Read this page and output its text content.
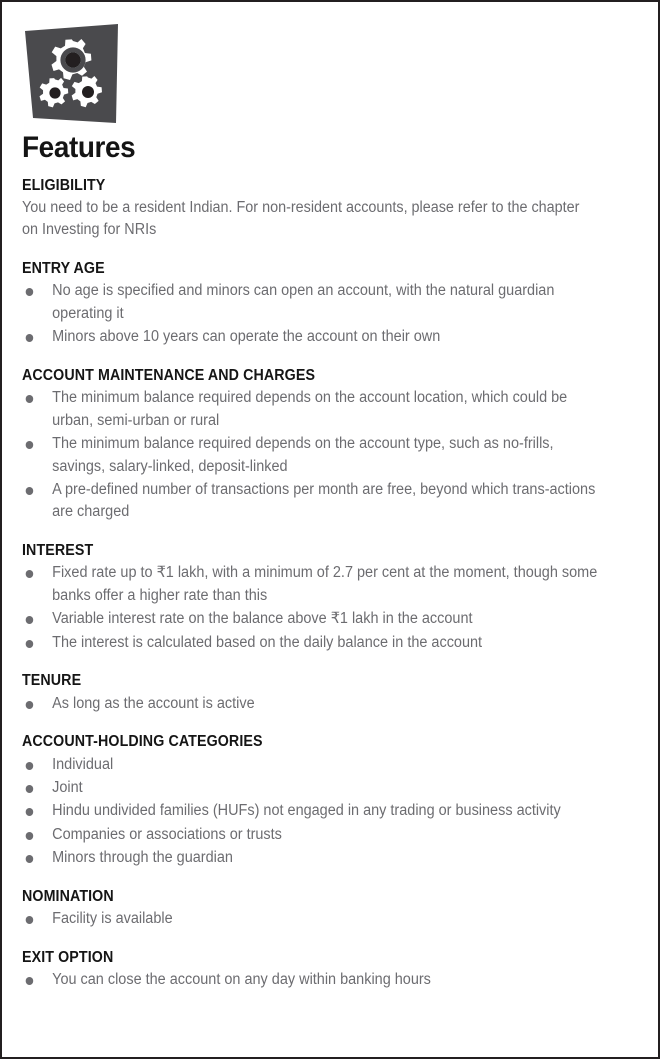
Features
ELIGIBILITY
You need to be a resident Indian. For non-resident accounts, please refer to the chapter on Investing for NRIs
ENTRY AGE
No age is specified and minors can open an account, with the natural guardian operating it
Minors above 10 years can operate the account on their own
ACCOUNT MAINTENANCE AND CHARGES
The minimum balance required depends on the account location, which could be urban, semi-urban or rural
The minimum balance required depends on the account type, such as no-frills, savings, salary-linked, deposit-linked
A pre-defined number of transactions per month are free, beyond which trans-actions are charged
INTEREST
Fixed rate up to ₹1 lakh, with a minimum of 2.7 per cent at the moment, though some banks offer a higher rate than this
Variable interest rate on the balance above ₹1 lakh in the account
The interest is calculated based on the daily balance in the account
TENURE
As long as the account is active
ACCOUNT-HOLDING CATEGORIES
Individual
Joint
Hindu undivided families (HUFs) not engaged in any trading or business activity
Companies or associations or trusts
Minors through the guardian
NOMINATION
Facility is available
EXIT OPTION
You can close the account on any day within banking hours
